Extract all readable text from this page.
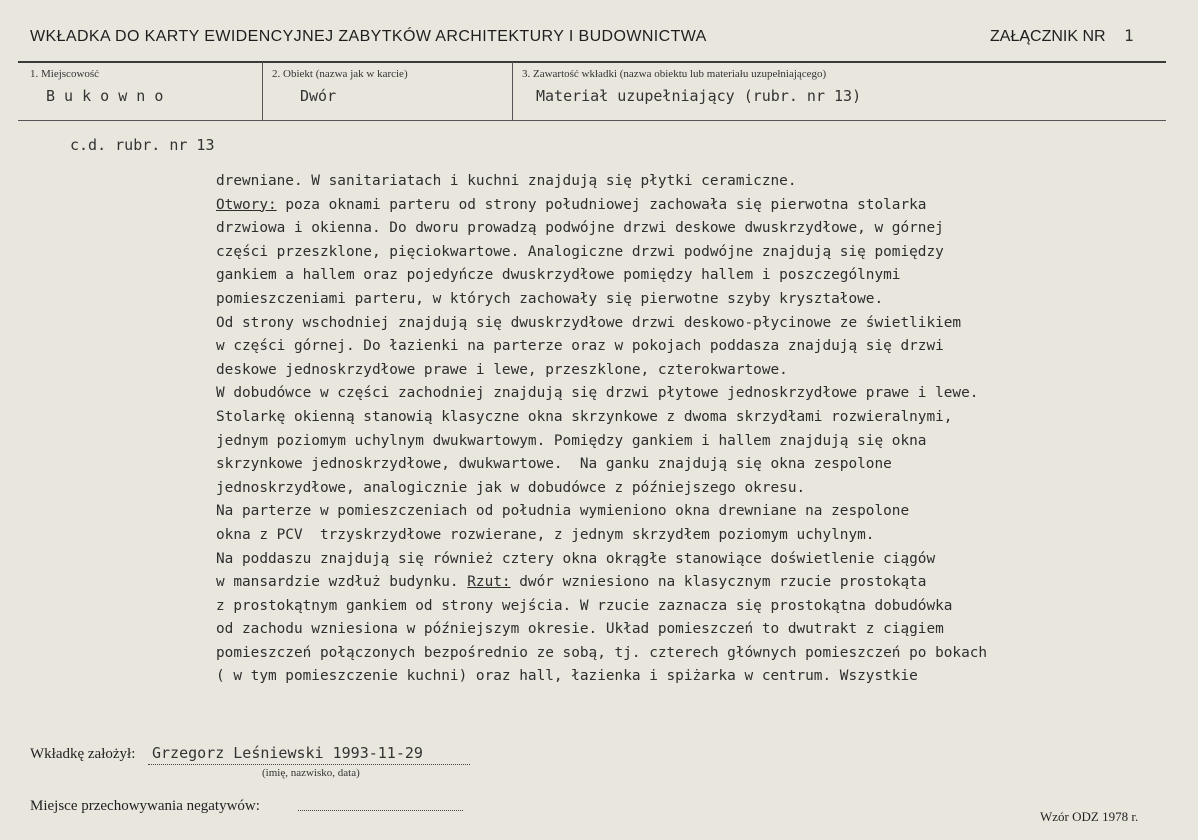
WKŁADKA DO KARTY EWIDENCYJNEJ ZABYTKÓW ARCHITEKTURY I BUDOWNICTWA	ZAŁĄCZNIK NR 1
1. Miejscowość
B u k o w n o
2. Obiekt (nazwa jak w karcie)
Dwór
3. Zawartość wkładki (nazwa obiektu lub materiału uzupełniającego)
Materiał uzupełniający (rubr. nr 13)
c.d. rubr. nr 13
drewniane. W sanitariatach i kuchni znajdują się płytki ceramiczne.
Otwory: poza oknami parteru od strony południowej zachowała się pierwotna stolarka
drzwiowa i okienna. Do dworu prowadzą podwójne drzwi deskowe dwuskrzydłowe, w górnej
części przeszklone, pięciokwartowe. Analogiczne drzwi podwójne znajdują się pomiędzy
gankiem a hallem oraz pojedyńcze dwuskrzydłowe pomiędzy hallem i poszczególnymi
pomieszczeniami parteru, w których zachowały się pierwotne szyby kryształowe.
Od strony wschodniej znajdują się dwuskrzydłowe drzwi deskowo-płycinowe ze świetlikiem
w części górnej. Do łazienki na parterze oraz w pokojach poddasza znajdują się drzwi
deskowe jednoskrzydłowe prawe i lewe, przeszklone, czterokwartowe.
W dobudówce w części zachodniej znajdują się drzwi płytowe jednoskrzydłowe prawe i lewe.
Stolarkę okienną stanowią klasyczne okna skrzynkowe z dwoma skrzydłami rozwieralnymi,
jednym poziomym uchylnym dwukwartowym. Pomiędzy gankiem i hallem znajdują się okna
skrzynkowe jednoskrzydłowe, dwukwartowe.  Na ganku znajdują się okna zespolone
jednoskrzydłowe, analogicznie jak w dobudówce z późniejszego okresu.
Na parterze w pomieszczeniach od południa wymieniono okna drewniane na zespolone
okna z PCV  trzyskrzydłowe rozwierane, z jednym skrzydłem poziomym uchylnym.
Na poddaszu znajdują się również cztery okna okrągłe stanowiące doświetlenie ciągów
w mansardzie wzdłuż budynku. Rzut: dwór wzniesiono na klasycznym rzucie prostokąta
z prostokątnym gankiem od strony wejścia. W rzucie zaznacza się prostokątna dobudówka
od zachodu wzniesiona w późniejszym okresie. Układ pomieszczeń to dwutrakt z ciągiem
pomieszczeń połączonych bezpośrednio ze sobą, tj. czterech głównych pomieszczeń po bokach
( w tym pomieszczenie kuchni) oraz hall, łazienka i spiżarka w centrum. Wszystkie
Wkładkę założył: Grzegorz Leśniewski 1993-11-29
(imię, nazwisko, data)
Miejsce przechowywania negatywów:
Wzór ODZ 1978 r.
